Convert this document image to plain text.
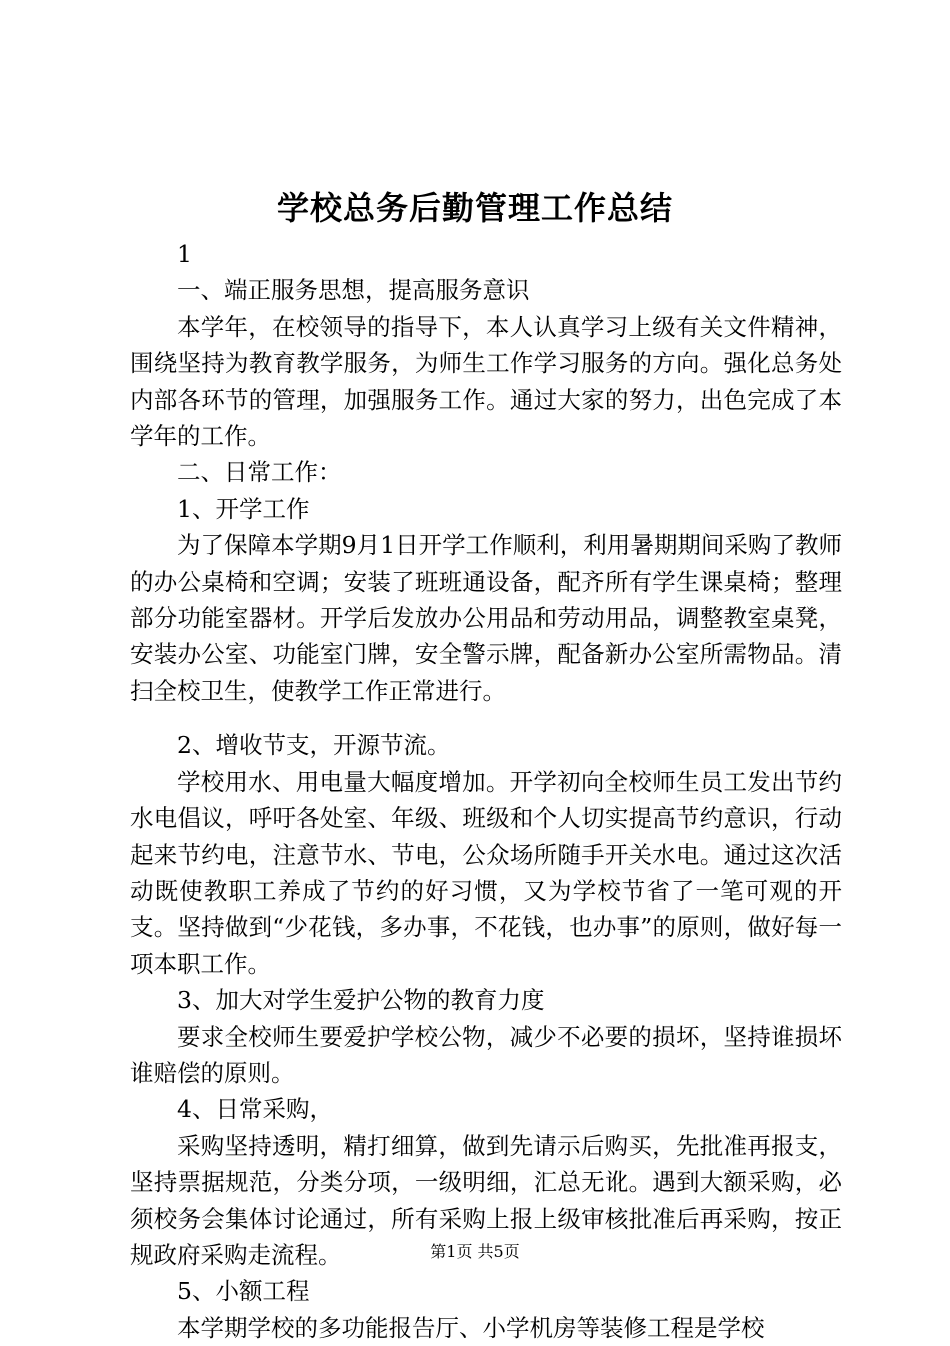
学校总务后勤管理工作总结

1

一、端正服务思想，提高服务意识

本学年，在校领导的指导下，本人认真学习上级有关文件精神，围绕坚持为教育教学服务，为师生工作学习服务的方向。强化总务处内部各环节的管理，加强服务工作。通过大家的努力，出色完成了本学年的工作。

二、日常工作：

1、开学工作

为了保障本学期9月1日开学工作顺利，利用暑期期间采购了教师的办公桌椅和空调；安装了班班通设备，配齐所有学生课桌椅；整理部分功能室器材。开学后发放办公用品和劳动用品，调整教室桌凳，安装办公室、功能室门牌，安全警示牌，配备新办公室所需物品。清扫全校卫生，使教学工作正常进行。

2、增收节支，开源节流。

学校用水、用电量大幅度增加。开学初向全校师生员工发出节约水电倡议，呼吁各处室、年级、班级和个人切实提高节约意识，行动起来节约电，注意节水、节电，公众场所随手开关水电。通过这次活动既使教职工养成了节约的好习惯，又为学校节省了一笔可观的开支。坚持做到“少花钱，多办事，不花钱，也办事”的原则，做好每一项本职工作。

3、加大对学生爱护公物的教育力度

要求全校师生要爱护学校公物，减少不必要的损坏，坚持谁损坏谁赔偿的原则。

4、日常采购，

采购坚持透明，精打细算，做到先请示后购买，先批准再报支，坚持票据规范，分类分项，一级明细，汇总无讹。遇到大额采购，必须校务会集体讨论通过，所有采购上报上级审核批准后再采购，按正规政府采购走流程。

5、小额工程

本学期学校的多功能报告厅、小学机房等装修工程是学校

第1页 共5页
